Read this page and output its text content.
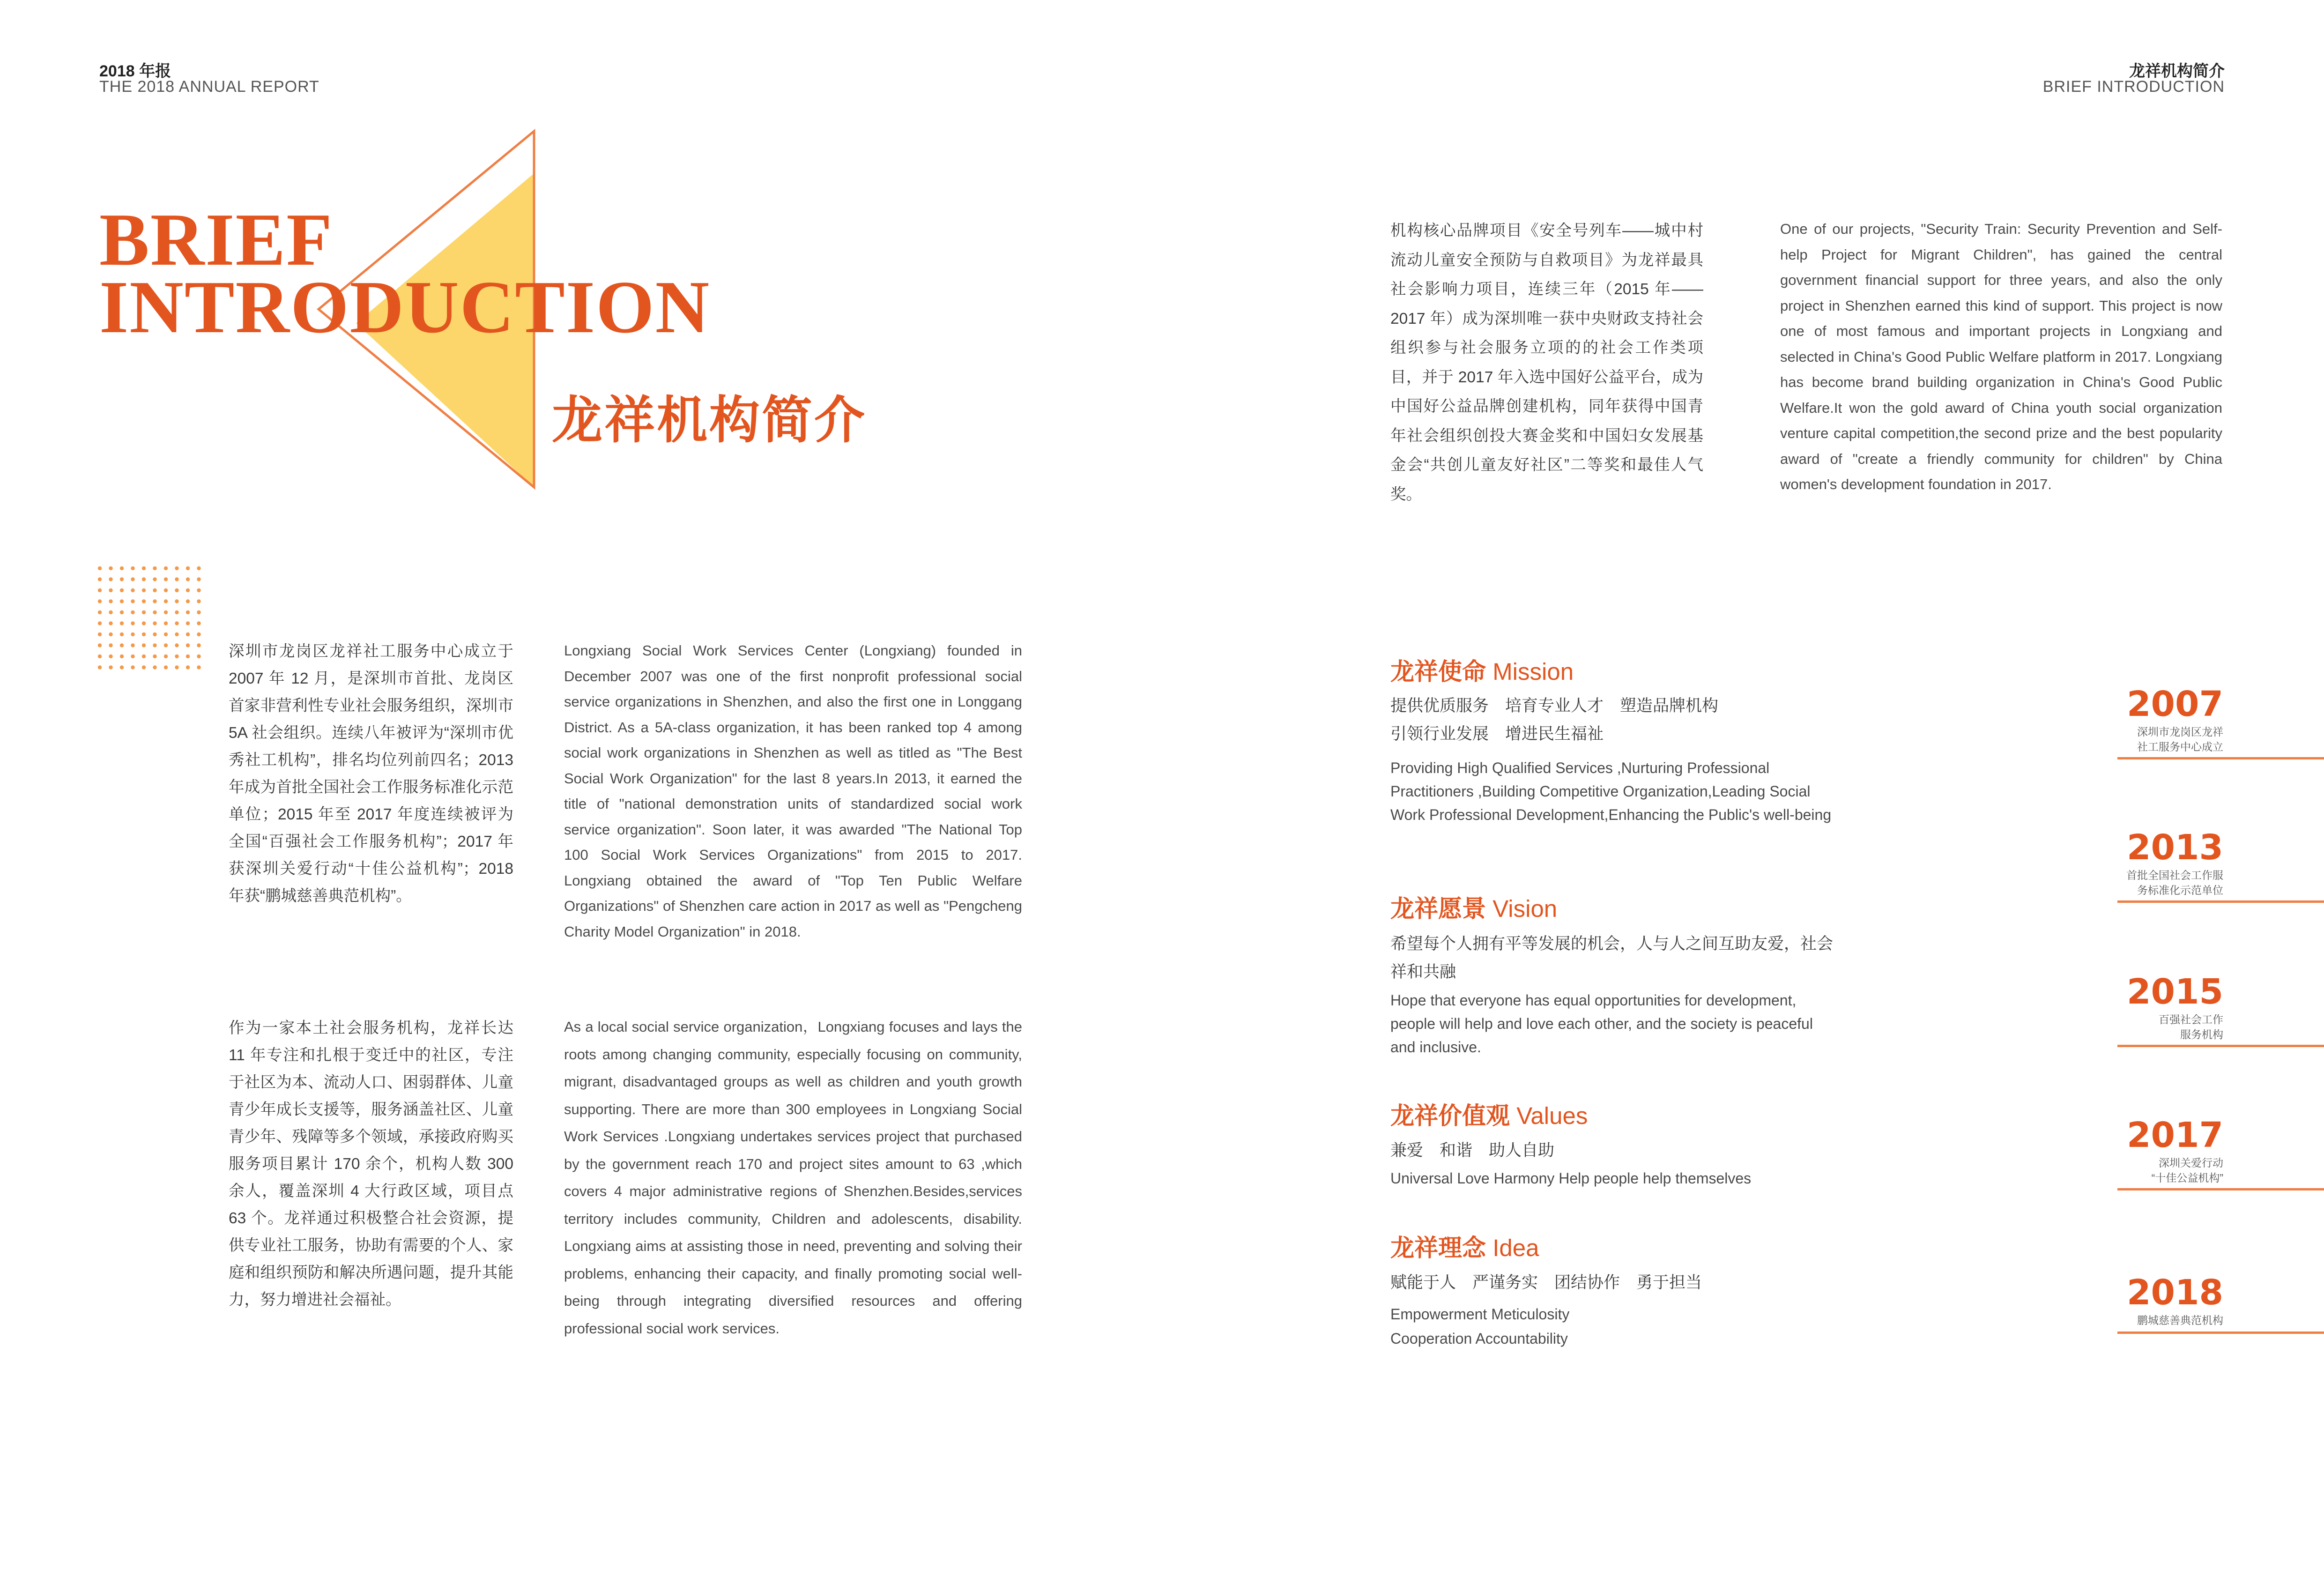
2018 年报
THE 2018 ANNUAL REPORT
龙祥机构简介
BRIEF INTRODUCTION
BRIEF
INTRODUCTION
龙祥机构简介
深圳市龙岗区龙祥社工服务中心成立于 2007 年 12 月，是深圳市首批、龙岗区首家非营利性专业社会服务组织，深圳市 5A 社会组织。连续八年被评为“深圳市优秀社工机构”，排名均位列前四名；2013 年成为首批全国社会工作服务标准化示范单位；2015 年至 2017 年度连续被评为全国“百强社会工作服务机构”；2017 年获深圳关爱行动“十佳公益机构”；2018 年获“鹏城慈善典范机构”。
Longxiang Social Work Services Center (Longxiang) founded in December 2007 was one of the first nonprofit professional social service organizations in Shenzhen, and also the first one in Longgang District. As a 5A-class organization, it has been ranked top 4 among social work organizations in Shenzhen as well as titled as "The Best Social Work Organization" for the last 8 years.In 2013, it earned the title of "national demonstration units of standardized social work service organization". Soon later, it was awarded "The National Top 100 Social Work Services Organizations" from 2015 to 2017. Longxiang obtained the award of "Top Ten Public Welfare Organizations" of Shenzhen care action in 2017 as well as "Pengcheng Charity Model Organization" in 2018.
作为一家本土社会服务机构，龙祥长达 11 年专注和扎根于变迁中的社区，专注于社区为本、流动人口、困弱群体、儿童青少年成长支援等，服务涵盖社区、儿童青少年、残障等多个领域，承接政府购买服务项目累计 170 余个，机构人数 300 余人，覆盖深圳 4 大行政区域，项目点 63 个。龙祥通过积极整合社会资源，提供专业社工服务，协助有需要的个人、家庭和组织预防和解决所遇问题，提升其能力，努力增进社会福祉。
As a local social service organization，Longxiang focuses and lays the roots among changing community, especially focusing on community, migrant, disadvantaged groups as well as children and youth growth supporting. There are more than 300 employees in Longxiang Social Work Services .Longxiang undertakes services project that purchased by the government reach 170 and project sites amount to 63 ,which covers 4 major administrative regions of Shenzhen.Besides,services territory includes community, Children and adolescents, disability. Longxiang aims at assisting those in need, preventing and solving their problems, enhancing their capacity, and finally promoting social well-being through integrating diversified resources and offering professional social work services.
机构核心品牌项目《安全号列车——城中村流动儿童安全预防与自救项目》为龙祥最具社会影响力项目，连续三年（2015 年——2017 年）成为深圳唯一获中央财政支持社会组织参与社会服务立项的的社会工作类项目，并于 2017 年入选中国好公益平台，成为中国好公益品牌创建机构，同年获得中国青年社会组织创投大赛金奖和中国妇女发展基金会“共创儿童友好社区”二等奖和最佳人气奖。
One of our projects, "Security Train: Security Prevention and Self-help Project for Migrant Children", has gained the central government financial support for three years, and also the only project in Shenzhen earned this kind of support. This project is now one of most famous and important projects in Longxiang and selected in China's Good Public Welfare platform in 2017. Longxiang has become brand building organization in China's Good Public Welfare.It won the gold award of China youth social organization venture capital competition,the second prize and the best popularity award of "create a friendly community for children" by China women's development foundation in 2017.
龙祥使命 Mission
提供优质服务　培育专业人才　塑造品牌机构
引领行业发展　增进民生福祉
Providing High Qualified Services ,Nurturing Professional Practitioners ,Building Competitive Organization,Leading Social Work Professional Development,Enhancing the Public's well-being
龙祥愿景 Vision
希望每个人拥有平等发展的机会，人与人之间互助友爱，社会祥和共融
Hope that everyone has equal opportunities for development, people will help and love each other, and the society is peaceful and inclusive.
龙祥价值观 Values
兼爱　和谐　助人自助
Universal Love Harmony Help people help themselves
龙祥理念 Idea
赋能于人　严谨务实　团结协作　勇于担当
Empowerment Meticulosity
Cooperation Accountability
2007
深圳市龙岗区龙祥
社工服务中心成立
2013
首批全国社会工作服
务标准化示范单位
2015
百强社会工作
服务机构
2017
深圳关爱行动
“十佳公益机构”
2018
鹏城慈善典范机构
